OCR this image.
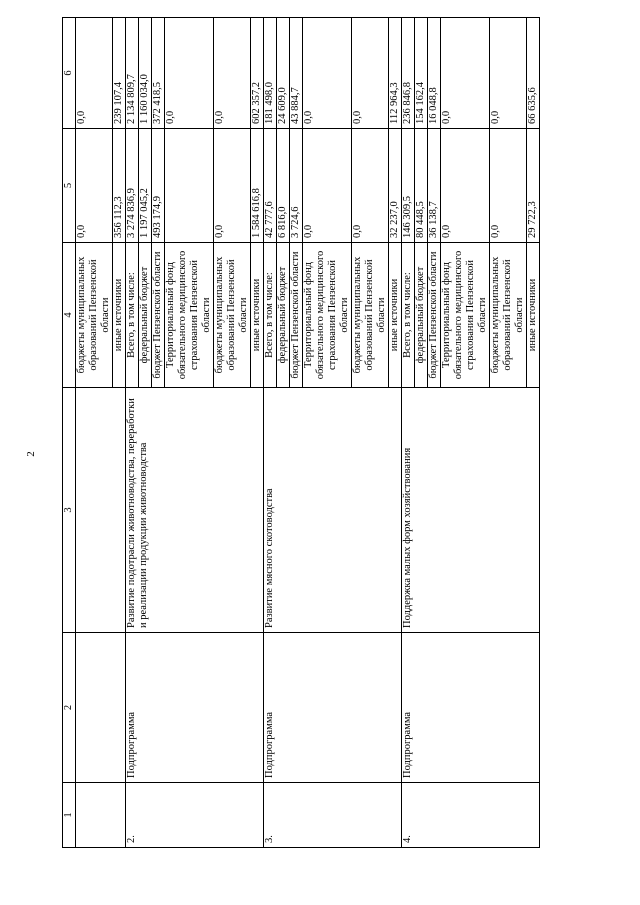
2
1	2	3	4	5	6
			бюджеты муниципальных образований Пензенской области	0,0	0,0
			иные источники	356 112,3	239 107,4
2.	Подпрограмма	Развитие подотрасли животноводства, переработки и реализации продукции животноводства	Всего, в том числе:	3 274 836,9	2 134 809,7
			федеральный бюджет	1 197 045,2	1 160 034,0
			бюджет Пензенской области	493 174,9	372 418,5
			Территориальный фонд обязательного медицинского страхования Пензенской области		0,0
			бюджеты муниципальных образований Пензенской области	0,0	0,0
			иные источники	1 584 616,8	602 357,2
3.	Подпрограмма	Развитие мясного скотоводства	Всего, в том числе:	42 777,6	181 498,0
			федеральный бюджет	6 816,0	24 609,0
			бюджет Пензенской области	3 724,6	43 884,7
			Территориальный фонд обязательного медицинского страхования Пензенской области	0,0	0,0
			бюджеты муниципальных образований Пензенской области	0,0	0,0
			иные источники	32 237,0	112 964,3
4.	Подпрограмма	Поддержка малых форм хозяйствования	Всего, в том числе:	146 309,5	236 846,8
			федеральный бюджет	80 448,5	154 162,4
			бюджет Пензенской области	36 138,7	16 048,8
			Территориальный фонд обязательного медицинского страхования Пензенской области	0,0	0,0
			бюджеты муниципальных образований Пензенской области	0,0	0,0
			иные источники	29 722,3	66 635,6
